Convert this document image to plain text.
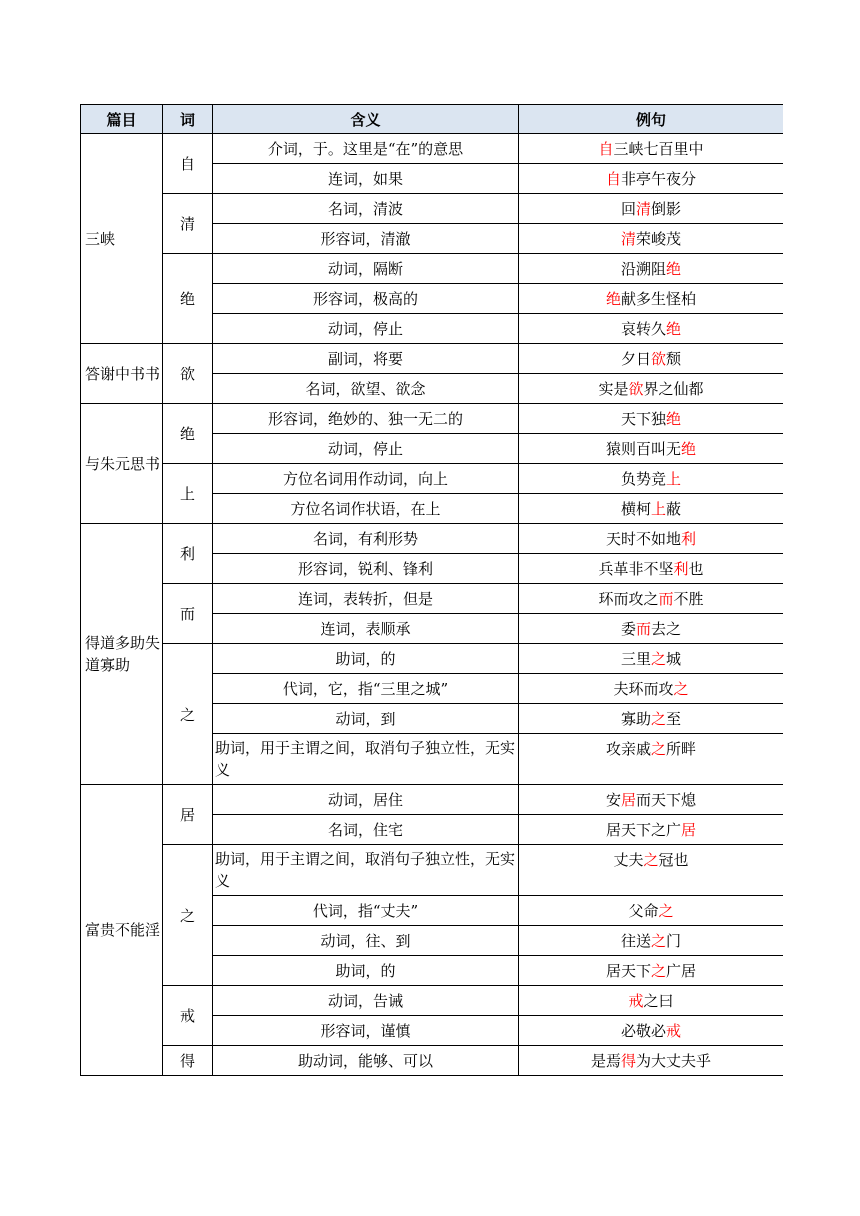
篇目	词	含义	例句
三峡	自	介词，于。这里是“在”的意思	自三峡七百里中
		连词，如果	自非亭午夜分
	清	名词，清波	回清倒影
		形容词，清澈	清荣峻茂
	绝	动词，隔断	沿溯阻绝
		形容词，极高的	绝献多生怪柏
		动词，停止	哀转久绝
答谢中书书	欲	副词，将要	夕日欲颓
		名词，欲望、欲念	实是欲界之仙都
与朱元思书	绝	形容词，绝妙的、独一无二的	天下独绝
		动词，停止	猿则百叫无绝
	上	方位名词用作动词，向上	负势竞上
		方位名词作状语，在上	横柯上蔽
得道多助失道寡助	利	名词，有利形势	天时不如地利
		形容词，锐利、锋利	兵革非不坚利也
	而	连词，表转折，但是	环而攻之而不胜
		连词，表顺承	委而去之
	之	助词，的	三里之城
		代词，它，指“三里之城”	夫环而攻之
		动词，到	寡助之至
		助词，用于主谓之间，取消句子独立性，无实义	攻亲戚之所畔
富贵不能淫	居	动词，居住	安居而天下熄
		名词，住宅	居天下之广居
	之	助词，用于主谓之间，取消句子独立性，无实义	丈夫之冠也
		代词，指“丈夫”	父命之
		动词，往、到	往送之门
		助词，的	居天下之广居
	戒	动词，告诫	戒之曰
		形容词，谨慎	必敬必戒
	得	助动词，能够、可以	是焉得为大丈夫乎
